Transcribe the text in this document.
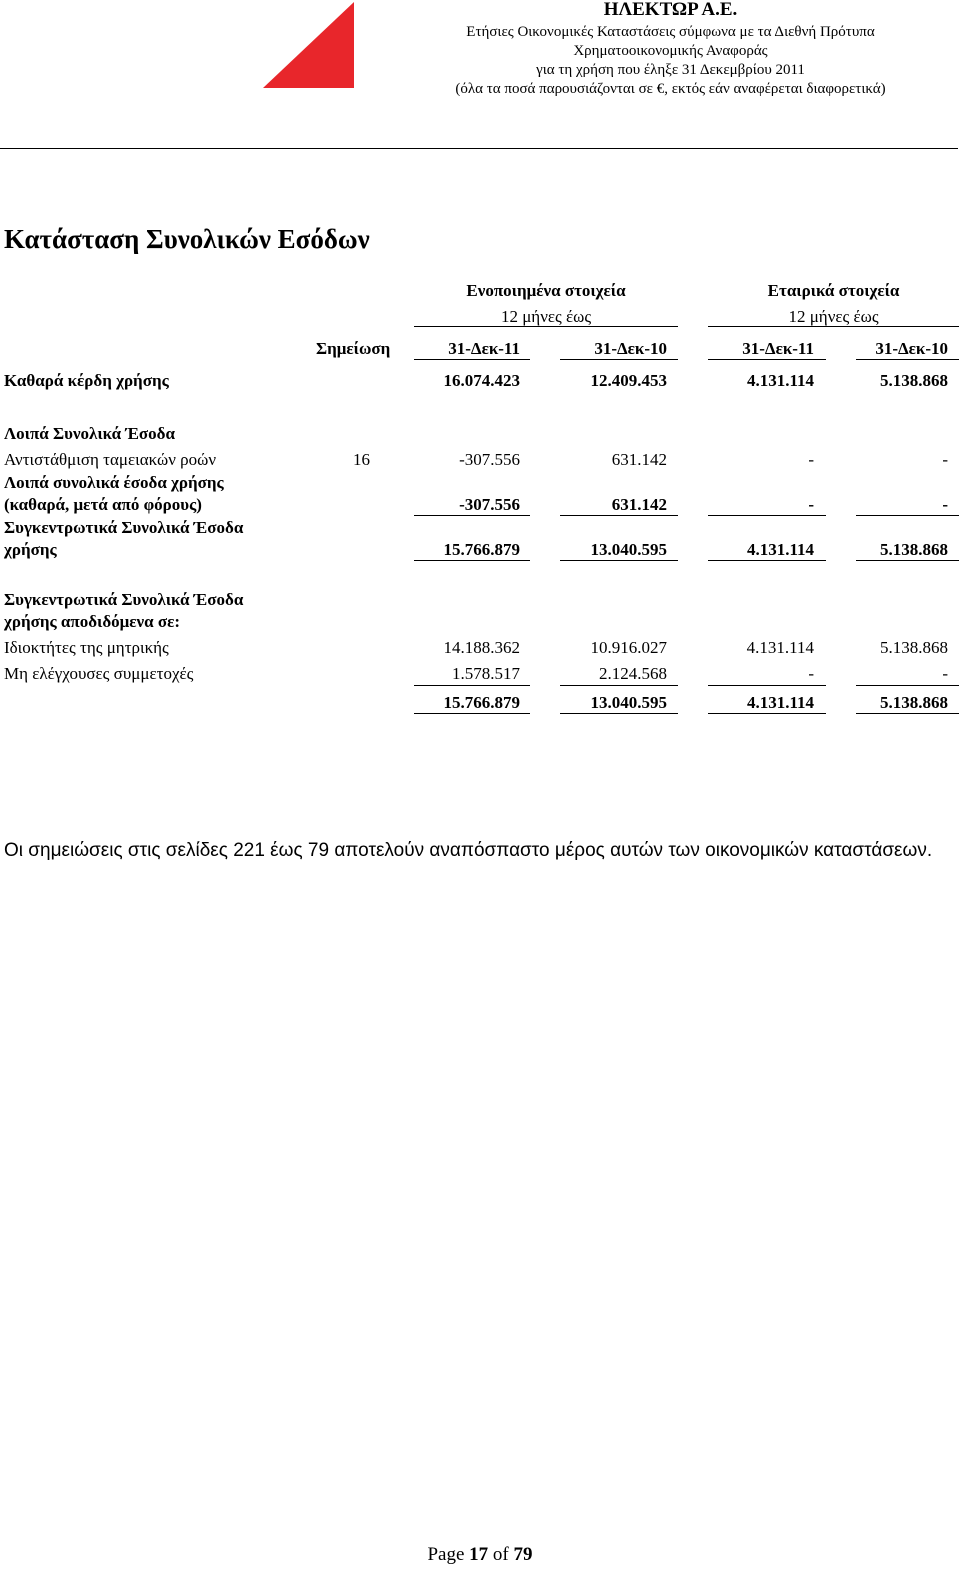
ΗΛΕΚΤΩΡ Α.Ε.
Ετήσιες Οικονομικές Καταστάσεις σύμφωνα με τα Διεθνή Πρότυπα
Χρηματοοικονομικής Αναφοράς
για τη χρήση που έληξε 31 Δεκεμβρίου 2011
(όλα τα ποσά παρουσιάζονται σε €, εκτός εάν αναφέρεται διαφορετικά)
Κατάσταση Συνολικών Εσόδων
Ενοποιημένα στοιχεία
12 μήνες έως
Εταιρικά στοιχεία
12 μήνες έως
Σημείωση	31-Δεκ-11	31-Δεκ-10	31-Δεκ-11	31-Δεκ-10
Καθαρά κέρδη χρήσης	16.074.423	12.409.453	4.131.114	5.138.868
Λοιπά Συνολικά Έσοδα
Αντιστάθμιση ταμειακών ροών	16	-307.556	631.142	-	-
Λοιπά συνολικά έσοδα χρήσης
(καθαρά, μετά από φόρους)	-307.556	631.142	-	-
Συγκεντρωτικά Συνολικά Έσοδα
χρήσης	15.766.879	13.040.595	4.131.114	5.138.868
Συγκεντρωτικά Συνολικά Έσοδα
χρήσης αποδιδόμενα σε:
Ιδιοκτήτες της μητρικής	14.188.362	10.916.027	4.131.114	5.138.868
Μη ελέγχουσες συμμετοχές	1.578.517	2.124.568	-	-
15.766.879	13.040.595	4.131.114	5.138.868
Οι σημειώσεις στις σελίδες 221 έως 79 αποτελούν αναπόσπαστο μέρος αυτών των οικονομικών καταστάσεων.
Page 17 of 79
